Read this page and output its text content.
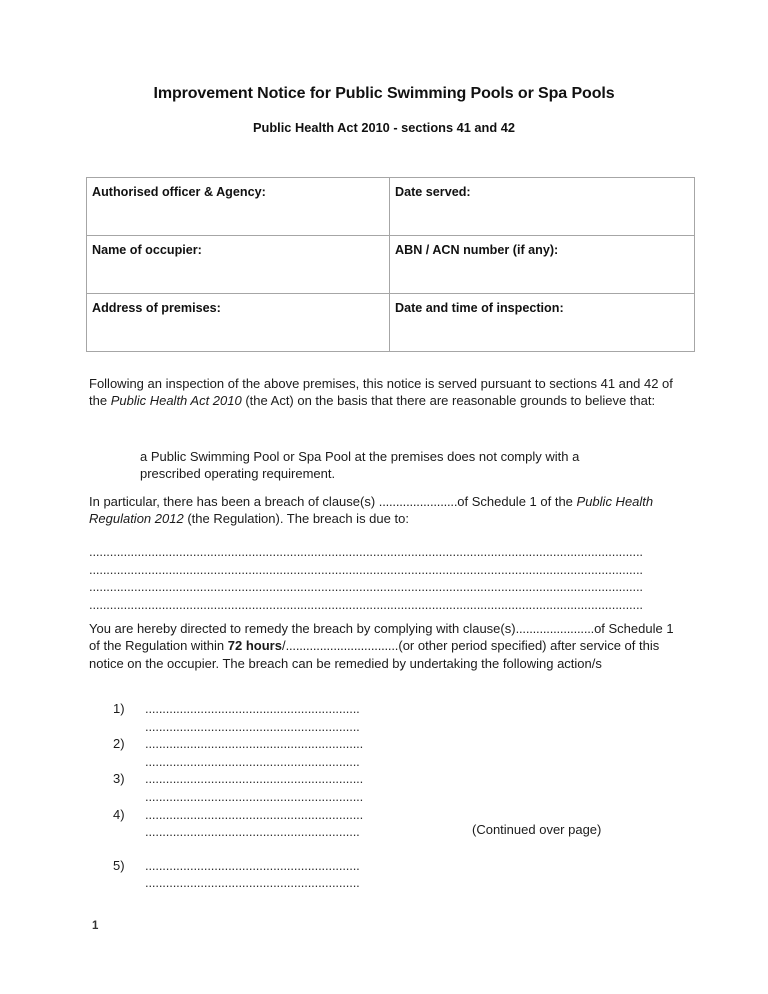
Improvement Notice for Public Swimming Pools or Spa Pools
Public Health Act 2010 - sections 41 and 42
Authorised officer & Agency:	Date served:
Name of occupier:	ABN / ACN number (if any):
Address of premises:	Date and time of inspection:
Following an inspection of the above premises, this notice is served pursuant to sections 41 and 42 of the Public Health Act 2010 (the Act) on the basis that there are reasonable grounds to believe that:
a Public Swimming Pool or Spa Pool at the premises does not comply with a prescribed operating requirement.
In particular, there has been a breach of clause(s) .......................of Schedule 1 of the Public Health Regulation 2012 (the Regulation). The breach is due to:
................................................................................................................................................................
................................................................................................................................................................
................................................................................................................................................................
................................................................................................................................................................
You are hereby directed to remedy the breach by complying with clause(s).......................of Schedule 1 of the Regulation within 72 hours/.................................(or other period specified) after service of this notice on the occupier. The breach can be remedied by undertaking the following action/s
1)	..............................................................
..............................................................
2)	...............................................................
..............................................................
3)	...............................................................
...............................................................
4)	...............................................................
..............................................................
5)	..............................................................
..............................................................
(Continued over page)
1
